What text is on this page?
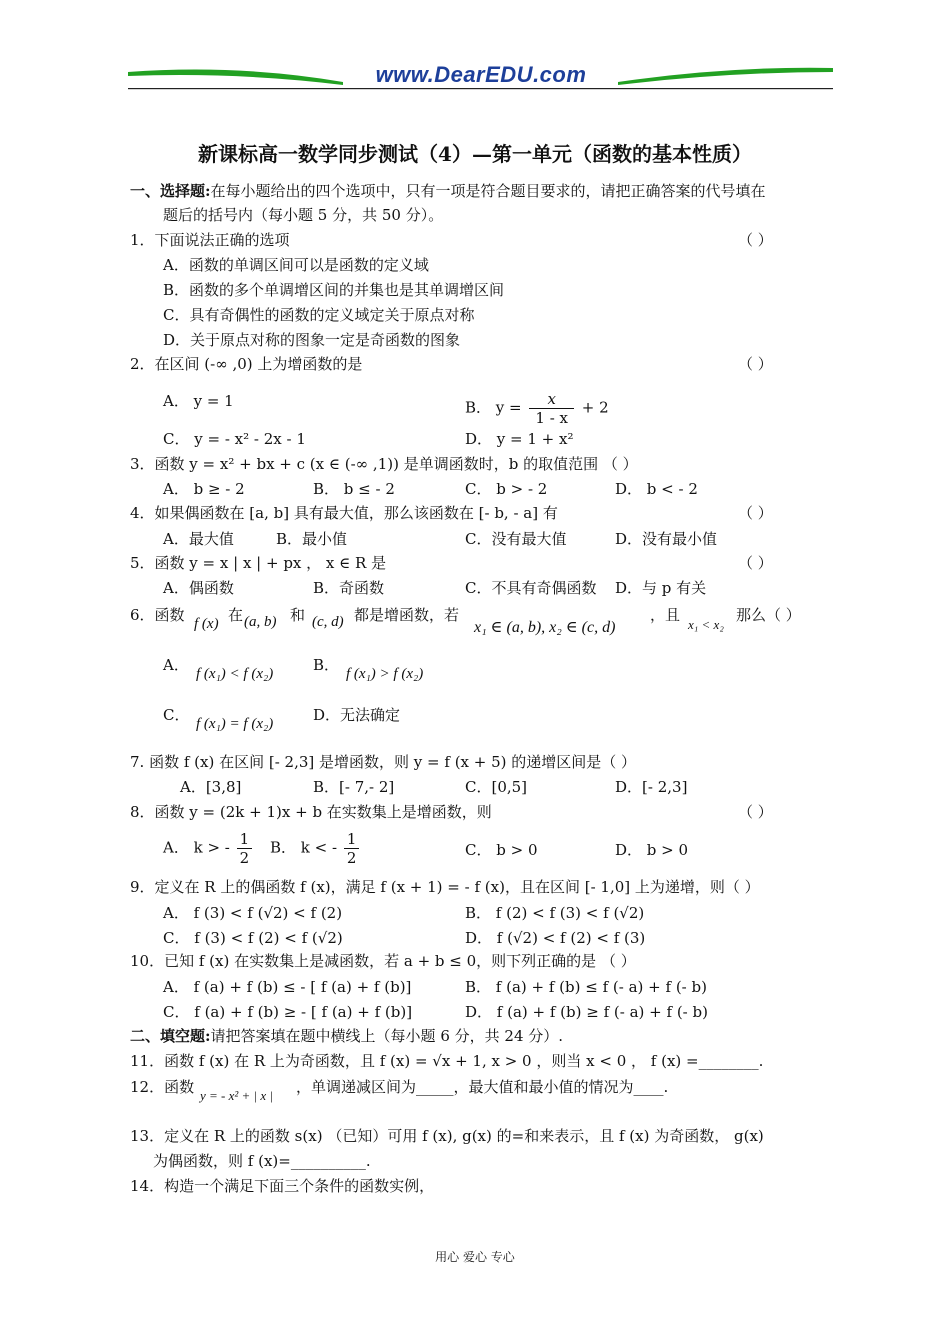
www.DearEDU.com
新课标高一数学同步测试（4）—第一单元（函数的基本性质）
一、选择题:在每小题给出的四个选项中，只有一项是符合题目要求的，请把正确答案的代号填在
题后的括号内（每小题 5 分，共 50 分）。
1．下面说法正确的选项	（ ）
A．函数的单调区间可以是函数的定义域
B．函数的多个单调增区间的并集也是其单调增区间
C．具有奇偶性的函数的定义域定关于原点对称
D．关于原点对称的图象一定是奇函数的图象
2．在区间 (-∞ ,0) 上为增函数的是	（ ）
A． y = 1	B． $y = \frac{x}{1 - x} + 2$
C． y = - x² - 2x - 1	D． y = 1 + x²
3．函数 y = x² + bx + c (x ∈ (-∞ ,1)) 是单调函数时，b 的取值范围 （ ）
A． b ≥ - 2	B． b ≤ - 2	C． b > - 2	D． b < - 2
4．如果偶函数在 [a, b] 具有最大值，那么该函数在 [- b, - a] 有	（ ）
A．最大值	B．最小值	C．没有最大值	D．没有最小值
5．函数 y = x | x | + px ， x ∈ R 是	（ ）
A．偶函数	B．奇函数	C．不具有奇偶函数 D．与 p 有关
6．函数 f (x) 在 (a, b) 和 (c, d) 都是增函数，若
x₁ ∈ (a, b), x₂ ∈ (c, d)
，且
x₁ < x₂
那么（ ）
A． f (x₁) < f (x₂)	B． f (x₁) > f (x₂)
C． f (x₁) = f (x₂)	D．无法确定
7. 函数 f (x) 在区间 [- 2,3] 是增函数，则 y = f (x + 5) 的递增区间是（ ）
A．[3,8]	B．[- 7,- 2]	C．[0,5]	D．[- 2,3]
8．函数 y = (2k + 1)x + b 在实数集上是增函数，则	（ ）
A． k > - $\frac{1}{2}$ B． k < - $\frac{1}{2}$	C． b > 0	D． b > 0
9．定义在 R 上的偶函数 f (x)，满足 f (x + 1) = - f (x)，且在区间 [- 1,0] 上为递增，则（ ）
A． f (3) < f (√2) < f (2)	B． f (2) < f (3) < f (√2)
C． f (3) < f (2) < f (√2)	D． f (√2) < f (2) < f (3)
10．已知 f (x) 在实数集上是减函数，若 a + b ≤ 0，则下列正确的是 （ ）
A． f (a) + f (b) ≤ - [ f (a) + f (b)]	B． f (a) + f (b) ≤ f (- a) + f (- b)
C． f (a) + f (b) ≥ - [ f (a) + f (b)]	D． f (a) + f (b) ≥ f (- a) + f (- b)
二、填空题:请把答案填在题中横线上（每小题 6 分，共 24 分）.
11．函数 f (x) 在 R 上为奇函数，且 f (x) = √x + 1, x > 0 ，则当 x < 0 ， f (x) =________.
12．函数 y = - x² + | x | ，单调递减区间为_____，最大值和最小值的情况为____.
13．定义在 R 上的函数 s(x) （已知）可用 f (x), g(x) 的=和来表示，且 f (x) 为奇函数， g(x)
为偶函数，则 f (x)=__________.
14．构造一个满足下面三个条件的函数实例，
用心 爱心 专心
